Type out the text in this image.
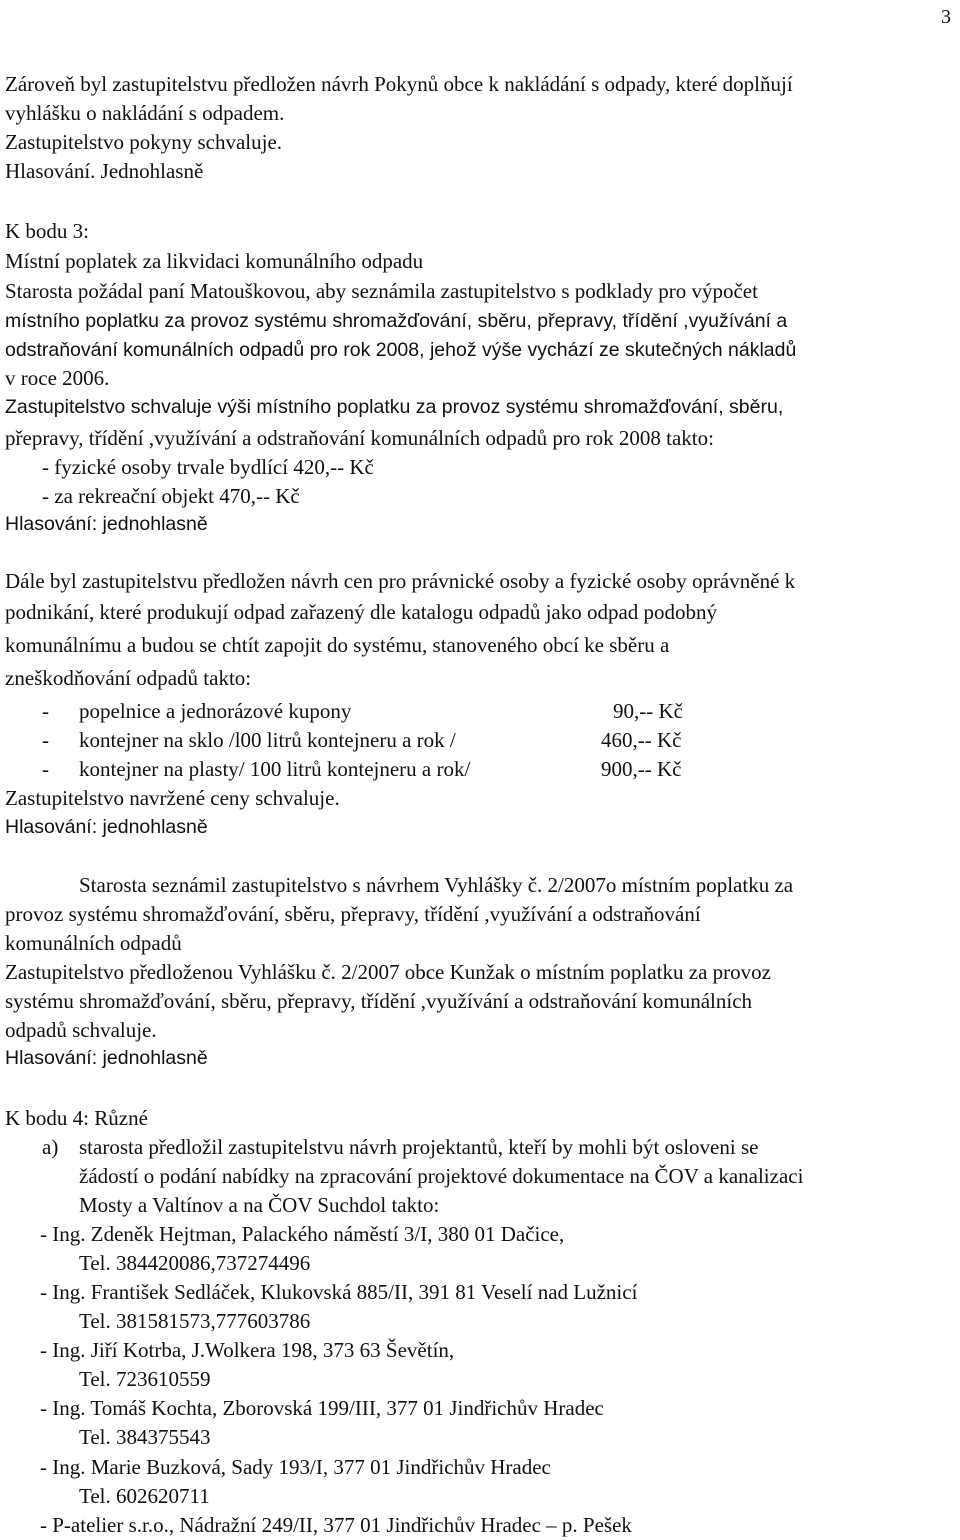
3
Zároveň byl zastupitelstvu předložen návrh Pokynů obce k nakládání s odpady, které doplňují
vyhlášku o nakládání s odpadem.
Zastupitelstvo pokyny schvaluje.
Hlasování. Jednohlasně
K bodu 3:
Místní poplatek za likvidaci komunálního odpadu
Starosta požádal paní Matouškovou, aby seznámila zastupitelstvo s podklady pro výpočet
místního poplatku za provoz systému shromažďování, sběru, přepravy, třídění ,využívání a
odstraňování komunálních odpadů pro rok 2008, jehož výše vychází ze skutečných nákladů
v roce 2006.
Zastupitelstvo schvaluje výši místního poplatku za provoz systému shromažďování, sběru,
přepravy, třídění ,využívání a odstraňování komunálních odpadů pro rok 2008 takto:
- fyzické osoby trvale bydlící 420,-- Kč
- za rekreační objekt 470,-- Kč
Hlasování: jednohlasně
Dále byl zastupitelstvu předložen návrh cen pro právnické osoby a fyzické osoby oprávněné k
podnikání, které produkují odpad zařazený dle katalogu odpadů jako odpad podobný
komunálnímu a budou se chtít zapojit do systému, stanoveného obcí ke sběru a
zneškodňování odpadů takto:
- popelnice a jednorázové kupony	90,-- Kč
- kontejner na sklo /l00 litrů kontejneru a rok /	460,-- Kč
- kontejner na plasty/ 100 litrů kontejneru a rok/	900,-- Kč
Zastupitelstvo navržené ceny schvaluje.
Hlasování: jednohlasně
Starosta seznámil zastupitelstvo s návrhem Vyhlášky č. 2/2007o místním poplatku za
provoz systému shromažďování, sběru, přepravy, třídění ,využívání a odstraňování
komunálních odpadů
Zastupitelstvo předloženou Vyhlášku č. 2/2007 obce Kunžak o místním poplatku za provoz
systému shromažďování, sběru, přepravy, třídění ,využívání a odstraňování komunálních
odpadů schvaluje.
Hlasování: jednohlasně
K bodu 4: Různé
a) starosta předložil zastupitelstvu návrh projektantů, kteří by mohli být osloveni se
žádostí o podání nabídky na zpracování projektové dokumentace na ČOV a kanalizaci
Mosty a Valtínov a na ČOV Suchdol takto:
- Ing. Zdeněk Hejtman, Palackého náměstí 3/I, 380 01 Dačice,
Tel. 384420086,737274496
- Ing. František Sedláček, Klukovská 885/II, 391 81 Veselí nad Lužnicí
Tel. 381581573,777603786
- Ing. Jiří Kotrba, J.Wolkera 198, 373 63 Ševětín,
Tel. 723610559
- Ing. Tomáš Kochta, Zborovská 199/III, 377 01 Jindřichův Hradec
Tel. 384375543
- Ing. Marie Buzková, Sady 193/I, 377 01 Jindřichův Hradec
Tel. 602620711
- P-atelier s.r.o., Nádražní 249/II, 377 01 Jindřichův Hradec – p. Pešek
